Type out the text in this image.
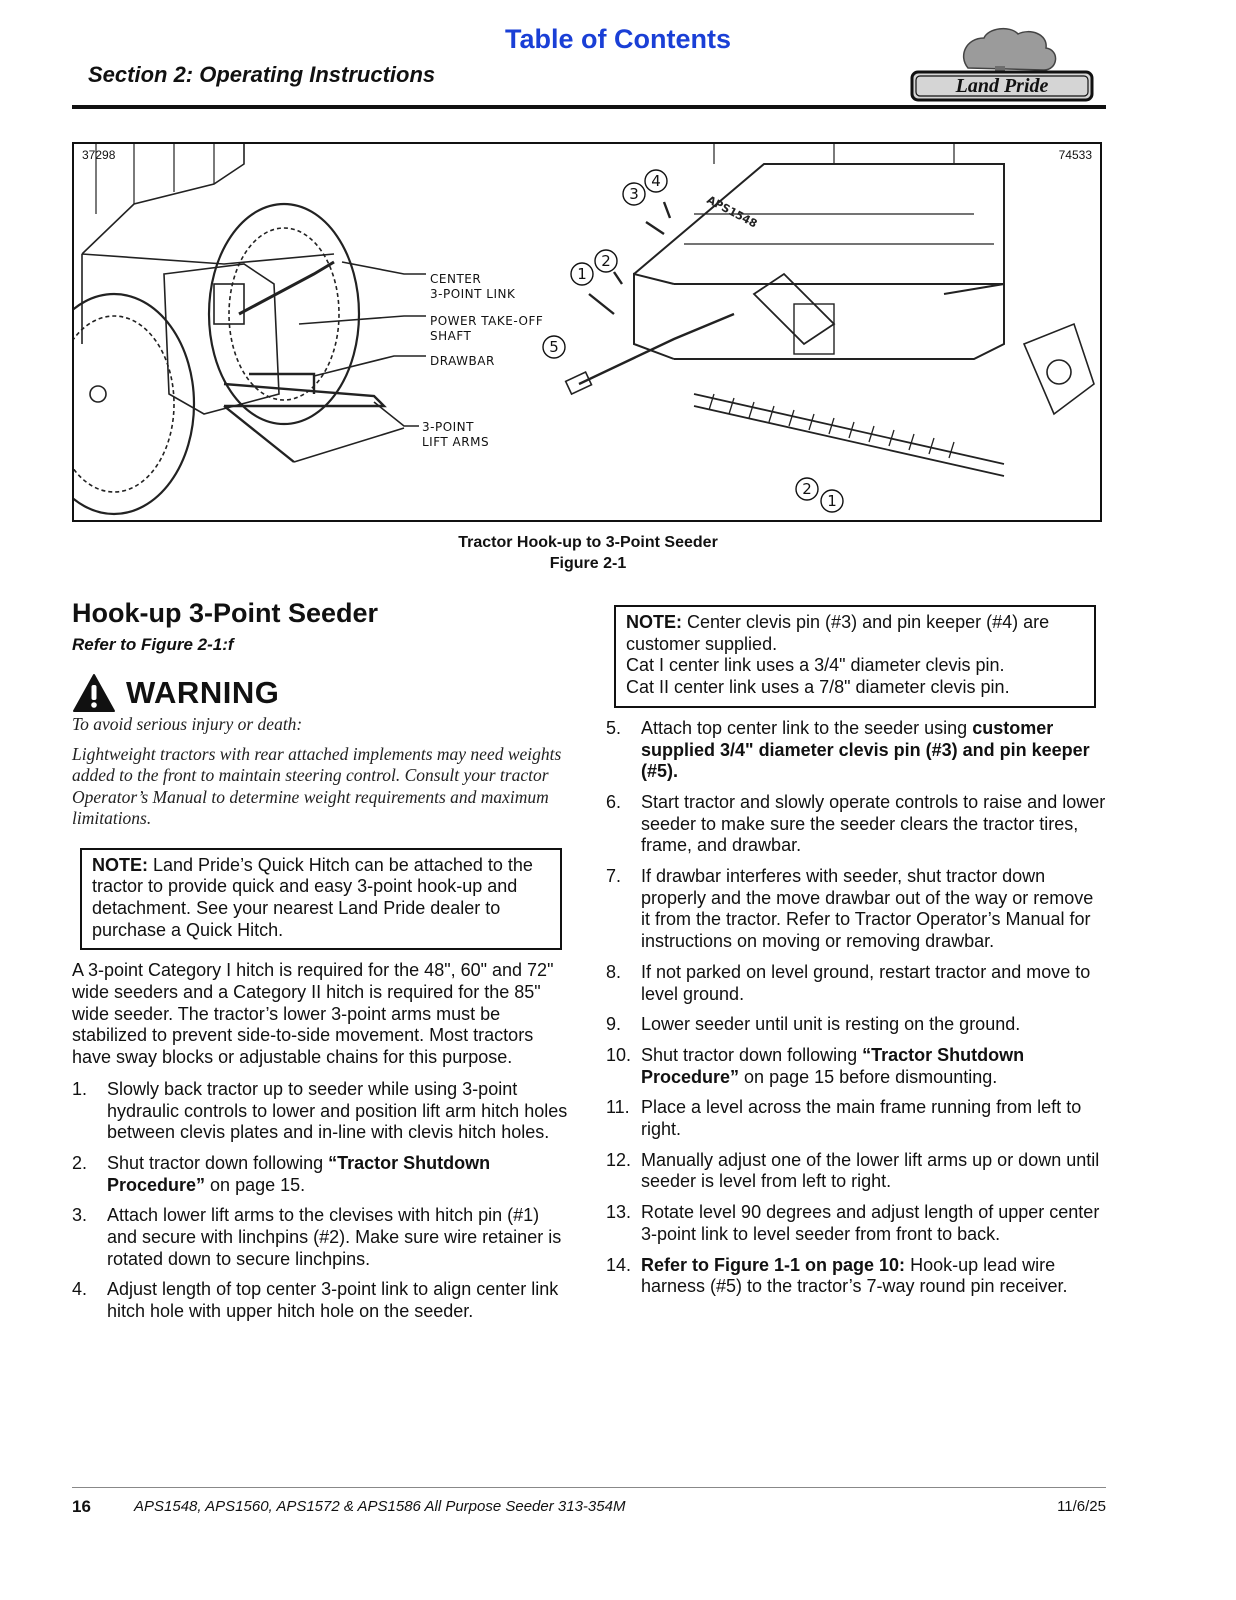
Table of Contents
Section 2: Operating Instructions	Land Pride
37298	74533
APS1548
1
2
3
4
5
2
1
CENTER
3-POINT LINK
POWER TAKE-OFF
SHAFT
DRAWBAR
3-POINT
LIFT ARMS
Tractor Hook-up to 3-Point Seeder
Figure 2-1
Hook-up 3-Point Seeder
Refer to Figure 2-1:f
WARNING
To avoid serious injury or death:
Lightweight tractors with rear attached implements may need weights added to the front to maintain steering control. Consult your tractor Operator’s Manual to determine weight requirements and maximum limitations.
NOTE: Land Pride’s Quick Hitch can be attached to the tractor to provide quick and easy 3-point hook-up and detachment. See your nearest Land Pride dealer to purchase a Quick Hitch.
A 3-point Category I hitch is required for the 48", 60" and 72" wide seeders and a Category II hitch is required for the 85" wide seeder. The tractor’s lower 3-point arms must be stabilized to prevent side-to-side movement. Most tractors have sway blocks or adjustable chains for this purpose.
1. Slowly back tractor up to seeder while using 3-point hydraulic controls to lower and position lift arm hitch holes between clevis plates and in-line with clevis hitch holes.
2. Shut tractor down following “Tractor Shutdown Procedure” on page 15.
3. Attach lower lift arms to the clevises with hitch pin (#1) and secure with linchpins (#2). Make sure wire retainer is rotated down to secure linchpins.
4. Adjust length of top center 3-point link to align center link hitch hole with upper hitch hole on the seeder.
NOTE: Center clevis pin (#3) and pin keeper (#4) are customer supplied.
Cat I center link uses a 3/4" diameter clevis pin.
Cat II center link uses a 7/8" diameter clevis pin.
5. Attach top center link to the seeder using customer supplied 3/4" diameter clevis pin (#3) and pin keeper (#5).
6. Start tractor and slowly operate controls to raise and lower seeder to make sure the seeder clears the tractor tires, frame, and drawbar.
7. If drawbar interferes with seeder, shut tractor down properly and the move drawbar out of the way or remove it from the tractor. Refer to Tractor Operator’s Manual for instructions on moving or removing drawbar.
8. If not parked on level ground, restart tractor and move to level ground.
9. Lower seeder until unit is resting on the ground.
10. Shut tractor down following “Tractor Shutdown Procedure” on page 15 before dismounting.
11. Place a level across the main frame running from left to right.
12. Manually adjust one of the lower lift arms up or down until seeder is level from left to right.
13. Rotate level 90 degrees and adjust length of upper center 3-point link to level seeder from front to back.
14. Refer to Figure 1-1 on page 10: Hook-up lead wire harness (#5) to the tractor’s 7-way round pin receiver.
16	APS1548, APS1560, APS1572 & APS1586 All Purpose Seeder 313-354M	11/6/25
